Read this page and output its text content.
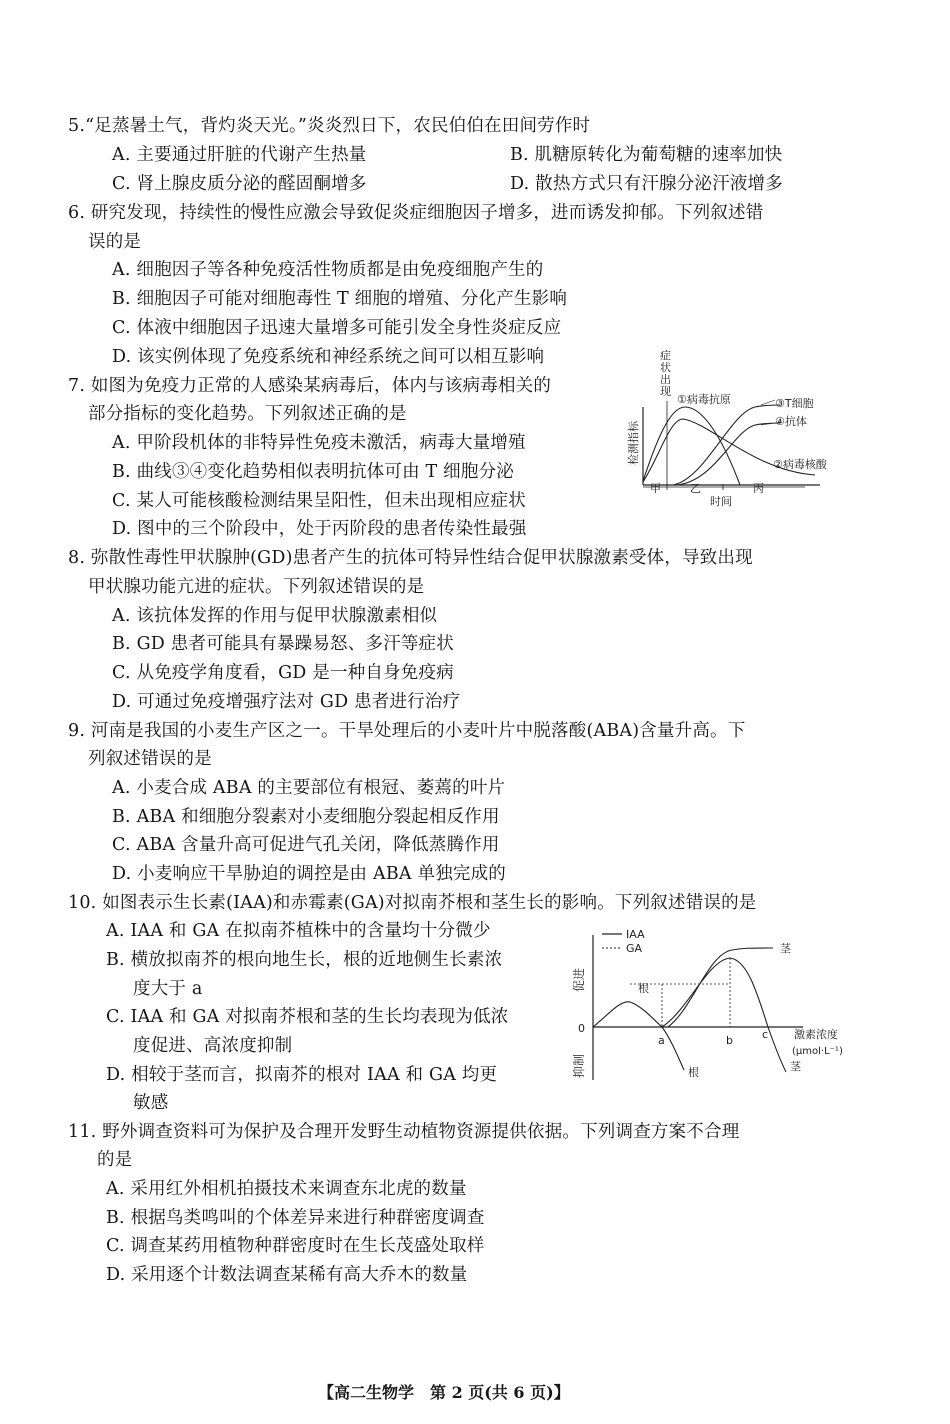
5.“足蒸暑土气，背灼炎天光。”炎炎烈日下，农民伯伯在田间劳作时
A. 主要通过肝脏的代谢产生热量	B. 肌糖原转化为葡萄糖的速率加快
C. 肾上腺皮质分泌的醛固酮增多	D. 散热方式只有汗腺分泌汗液增多
6. 研究发现，持续性的慢性应激会导致促炎症细胞因子增多，进而诱发抑郁。下列叙述错
误的是
A. 细胞因子等各种免疫活性物质都是由免疫细胞产生的
B. 细胞因子可能对细胞毒性 T 细胞的增殖、分化产生影响
C. 体液中细胞因子迅速大量增多可能引发全身性炎症反应
D. 该实例体现了免疫系统和神经系统之间可以相互影响
7. 如图为免疫力正常的人感染某病毒后，体内与该病毒相关的
部分指标的变化趋势。下列叙述正确的是
A. 甲阶段机体的非特异性免疫未激活，病毒大量增殖
B. 曲线③④变化趋势相似表明抗体可由 T 细胞分泌
C. 某人可能核酸检测结果呈阳性，但未出现相应症状
D. 图中的三个阶段中，处于丙阶段的患者传染性最强
症
状
出
现
检测指标
①病毒抗原	③T细胞
④抗体
②病毒核酸
甲	乙	丙
时间
8. 弥散性毒性甲状腺肿(GD)患者产生的抗体可特异性结合促甲状腺激素受体，导致出现
甲状腺功能亢进的症状。下列叙述错误的是
A. 该抗体发挥的作用与促甲状腺激素相似
B. GD 患者可能具有暴躁易怒、多汗等症状
C. 从免疫学角度看，GD 是一种自身免疫病
D. 可通过免疫增强疗法对 GD 患者进行治疗
9. 河南是我国的小麦生产区之一。干旱处理后的小麦叶片中脱落酸(ABA)含量升高。下
列叙述错误的是
A. 小麦合成 ABA 的主要部位有根冠、萎蔫的叶片
B. ABA 和细胞分裂素对小麦细胞分裂起相反作用
C. ABA 含量升高可促进气孔关闭，降低蒸腾作用
D. 小麦响应干旱胁迫的调控是由 ABA 单独完成的
10. 如图表示生长素(IAA)和赤霉素(GA)对拟南芥根和茎生长的影响。下列叙述错误的是
A. IAA 和 GA 在拟南芥植株中的含量均十分微少
B. 横放拟南芥的根向地生长，根的近地侧生长素浓
度大于 a
C. IAA 和 GA 对拟南芥根和茎的生长均表现为低浓
度促进、高浓度抑制
D. 相较于茎而言，拟南芥的根对 IAA 和 GA 均更
敏感
IAA
GA
促进
抑制
0
根
茎
a	b	c
根	茎
激素浓度
(μmol·L⁻¹)
11. 野外调查资料可为保护及合理开发野生动植物资源提供依据。下列调查方案不合理
的是
A. 采用红外相机拍摄技术来调查东北虎的数量
B. 根据鸟类鸣叫的个体差异来进行种群密度调查
C. 调查某药用植物种群密度时在生长茂盛处取样
D. 采用逐个计数法调查某稀有高大乔木的数量
【高二生物学　第 2 页(共 6 页)】
